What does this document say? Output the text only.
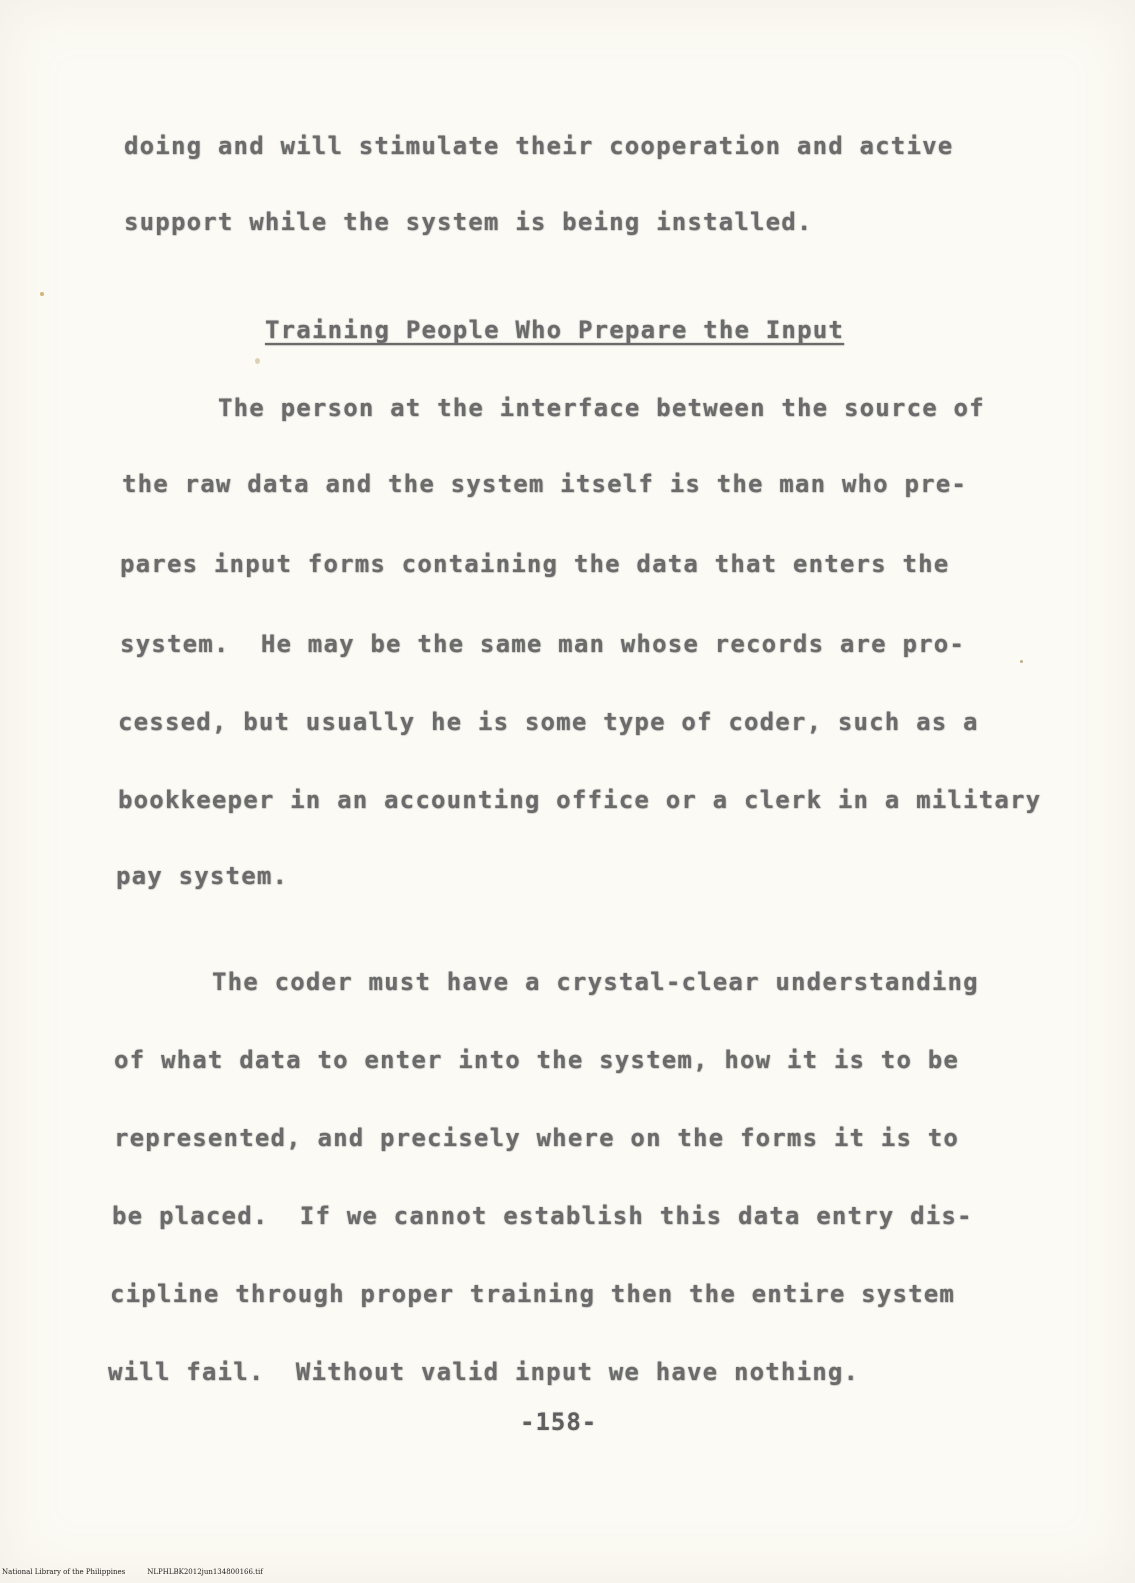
doing and will stimulate their cooperation and active
support while the system is being installed.
Training People Who Prepare the Input
The person at the interface between the source of
the raw data and the system itself is the man who pre-
pares input forms containing the data that enters the
system.  He may be the same man whose records are pro-
cessed, but usually he is some type of coder, such as a
bookkeeper in an accounting office or a clerk in a military
pay system.
The coder must have a crystal-clear understanding
of what data to enter into the system, how it is to be
represented, and precisely where on the forms it is to
be placed.  If we cannot establish this data entry dis-
cipline through proper training then the entire system
will fail.  Without valid input we have nothing.
-158-
National Library of the Philippines	NLPHLBK2012jun134800166.tif
